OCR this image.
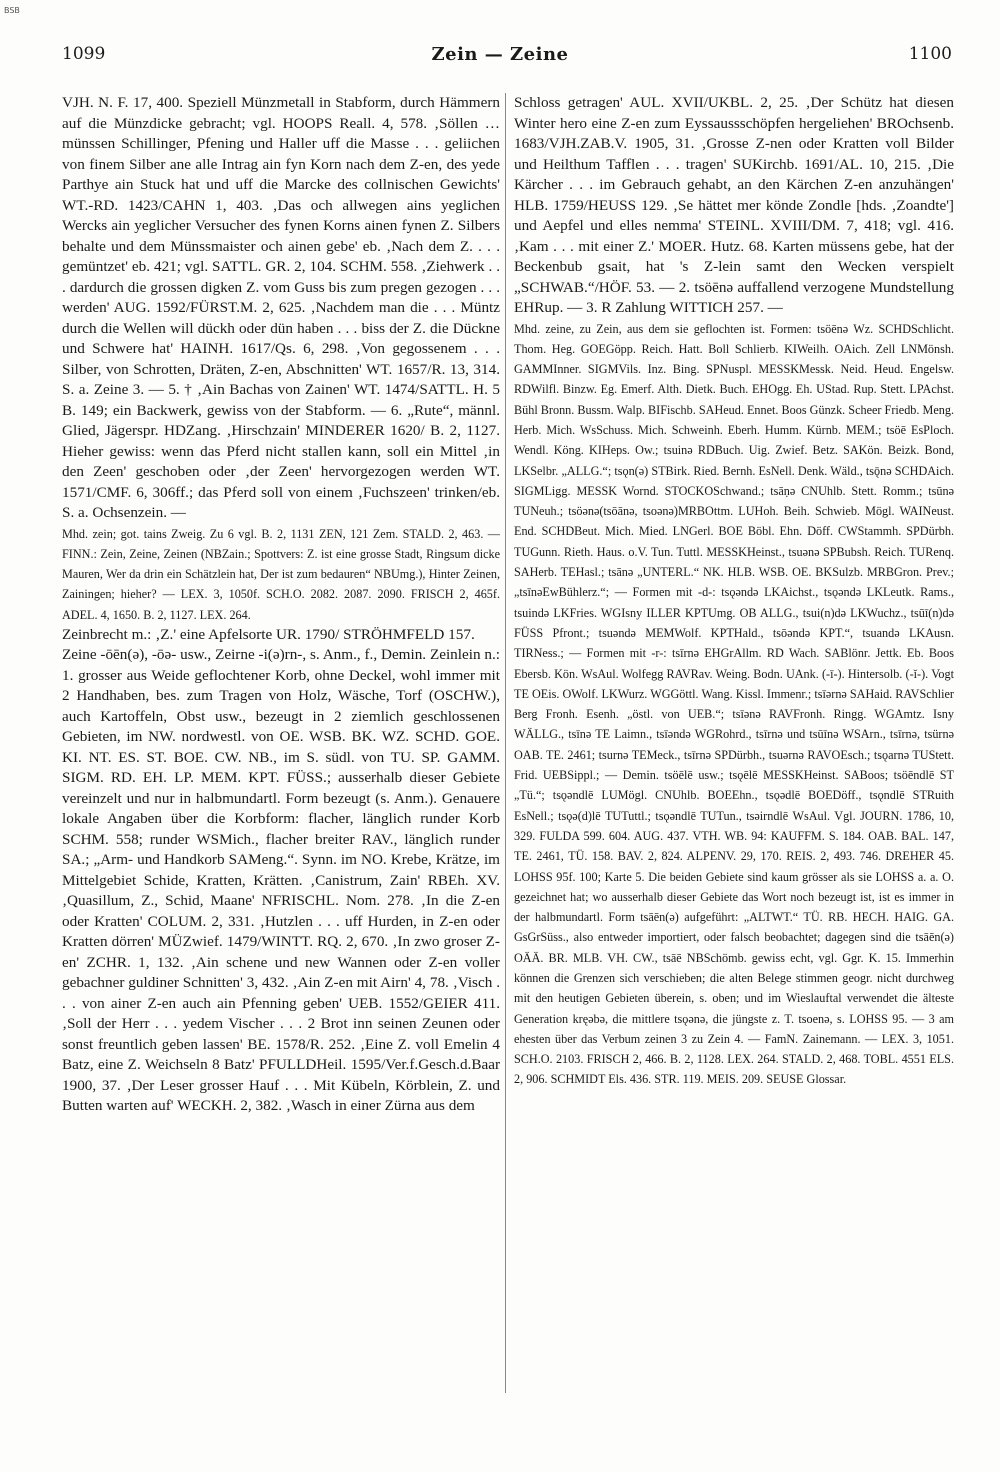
BSB
1099	Zein — Zeine	1100

VJH. N. F. 17, 400. Speziell Münzmetall in Stabform, durch Hämmern auf die Münzdicke gebracht; vgl. HOOPS Reall. 4, 578. ‚Söllen … münssen Schillinger, Pfening und Haller uff die Masse . . . geliichen von finem Silber ane alle Intrag ain fyn Korn nach dem Z-en, des yede Parthye ain Stuck hat und uff die Marcke des collnischen Gewichts' WT.-RD. 1423/CAHN 1, 403. ‚Das och allwegen ains yeglichen Wercks ain yeglicher Versucher des fynen Korns ainen fynen Z. Silbers behalte und dem Münssmaister och ainen gebe' eb. ‚Nach dem Z. . . . gemüntzet' eb. 421; vgl. SATTL. GR. 2, 104. SCHM. 558. ‚Ziehwerk . . . dardurch die grossen digken Z. vom Guss bis zum pregen gezogen . . . werden' AUG. 1592/FÜRST.M. 2, 625. ‚Nachdem man die . . . Müntz durch die Wellen will dückh oder dün haben . . . biss der Z. die Dückne und Schwere hat' HAINH. 1617/Qs. 6, 298. ‚Von gegossenem . . . Silber, von Schrotten, Dräten, Z-en, Abschnitten' WT. 1657/R. 13, 314. S. a. Zeine 3. — 5. † ‚Ain Bachas von Zainen' WT. 1474/SATTL. H. 5 B. 149; ein Backwerk, gewiss von der Stabform. — 6. „Rute“, männl. Glied, Jägerspr. HDZang. ‚Hirschzain' MINDERER 1620/ B. 2, 1127. Hieher gewiss: wenn das Pferd nicht stallen kann, soll ein Mittel ‚in den Zeen' geschoben oder ‚der Zeen' hervorgezogen werden WT. 1571/CMF. 6, 306ff.; das Pferd soll von einem ‚Fuchszeen' trinken/eb. S. a. Ochsenzein. —

Mhd. zein; got. tains Zweig. Zu 6 vgl. B. 2, 1131 ZEN, 121 Zem. STALD. 2, 463. — FINN.: Zein, Zeine, Zeinen (NBZain.; Spottvers: Z. ist eine grosse Stadt, Ringsum dicke Mauren, Wer da drin ein Schätzlein hat, Der ist zum bedauren“ NBUmg.), Hinter Zeinen, Zainingen; hieher? — LEX. 3, 1050f. SCH.O. 2082. 2087. 2090. FRISCH 2, 465f. ADEL. 4, 1650. B. 2, 1127. LEX. 264.

Zeinbrecht m.: ‚Z.' eine Apfelsorte UR. 1790/ STRÖHMFELD 157.

Zeine -ōēn(ə), -ōə- usw., Zeirne -i(ə)rn-, s. Anm., f., Demin. Zeinlein n.: 1. grosser aus Weide geflochtener Korb, ohne Deckel, wohl immer mit 2 Handhaben, bes. zum Tragen von Holz, Wäsche, Torf (OSCHW.), auch Kartoffeln, Obst usw., bezeugt in 2 ziemlich geschlossenen Gebieten, im NW. nordwestl. von OE. WSB. BK. WZ. SCHD. GOE. KI. NT. ES. ST. BOE. CW. NB., im S. südl. von TU. SP. GAMM. SIGM. RD. EH. LP. MEM. KPT. FÜSS.; ausserhalb dieser Gebiete vereinzelt und nur in halbmundartl. Form bezeugt (s. Anm.). Genauere lokale Angaben über die Korbform: flacher, länglich runder Korb SCHM. 558; runder WSMich., flacher breiter RAV., länglich runder SA.; „Arm- und Handkorb SAMeng.“. Synn. im NO. Krebe, Krätze, im Mittelgebiet Schide, Kratten, Krätten. ‚Canistrum, Zain' RBEh. XV. ‚Quasillum, Z., Schid, Maane' NFRISCHL. Nom. 278. ‚In die Z-en oder Kratten' COLUM. 2, 331. ‚Hutzlen . . . uff Hurden, in Z-en oder Kratten dörren' MÜZwief. 1479/WINTT. RQ. 2, 670. ‚In zwo groser Z-en' ZCHR. 1, 132. ‚Ain schene und new Wannen oder Z-en voller gebachner guldiner Schnitten' 3, 432. ‚Ain Z-en mit Airn' 4, 78. ‚Visch . . . von ainer Z-en auch ain Pfenning geben' UEB. 1552/GEIER 411. ‚Soll der Herr . . . yedem Vischer . . . 2 Brot inn seinen Zeunen oder sonst freuntlich geben lassen' BE. 1578/R. 252. ‚Eine Z. voll Emelin 4 Batz, eine Z. Weichseln 8 Batz' PFULLDHeil. 1595/Ver.f.Gesch.d.Baar 1900, 37. ‚Der Leser grosser Hauf . . . Mit Kübeln, Körblein, Z. und Butten warten auf' WECKH. 2, 382. ‚Wasch in einer Zürna aus dem

Schloss getragen' AUL. XVII/UKBL. 2, 25. ‚Der Schütz hat diesen Winter hero eine Z-en zum Eyssaussschöpfen hergeliehen' BROchsenb. 1683/VJH.ZAB.V. 1905, 31. ‚Grosse Z-nen oder Kratten voll Bilder und Heilthum Tafflen . . . tragen' SUKirchb. 1691/AL. 10, 215. ‚Die Kärcher . . . im Gebrauch gehabt, an den Kärchen Z-en anzuhängen' HLB. 1759/HEUSS 129. ‚Se hättet mer könde Zondle [hds. ‚Zoandte'] und Aepfel und elles nemma' STEINL. XVIII/DM. 7, 418; vgl. 416. ‚Kam . . . mit einer Z.' MOER. Hutz. 68. Karten müssens gebe, hat der Beckenbub gsait, hat 's Z-lein samt den Wecken verspielt „SCHWAB.“/HÖF. 53. — 2. tsöēnə auffallend verzogene Mundstellung EHRup. — 3. R Zahlung WITTICH 257. —

Mhd. zeine, zu Zein, aus dem sie geflochten ist. Formen: tsöēnə Wz. SCHDSchlicht. Thom. Heg. GOEGöpp. Reich. Hatt. Boll Schlierb. KIWeilh. OAich. Zell LNMönsh. GAMMInner. SIGMVils. Inz. Bing. SPNuspl. MESSKMessk. Neid. Heud. Engelsw. RDWilfl. Binzw. Eg. Emerf. Alth. Dietk. Buch. EHOgg. Eh. UStad. Rup. Stett. LPAchst. Bühl Bronn. Bussm. Walp. BIFischb. SAHeud. Ennet. Boos Günzk. Scheer Friedb. Meng. Herb. Mich. WsSchuss. Mich. Schweinh. Eberh. Humm. Kürnb. MEM.; tsöē EsPloch. Wendl. Köng. KIHeps. Ow.; tsuinə RDBuch. Uig. Zwief. Betz. SAKön. Beizk. Bond, LKSelbr. „ALLG.“; tsǫn(ə) STBirk. Ried. Bernh. EsNell. Denk. Wäld., tsǭnə SCHDAich. SIGMLigg. MESSK Wornd. STOCKOSchwand.; tsāṇə CNUhlb. Stett. Romm.; tsūnə TUNeuh.; tsöənə(tsōānə, tsoənə)MRBOttm. LUHoh. Beih. Schwieb. Mögl. WAINeust. End. SCHDBeut. Mich. Mied. LNGerl. BOE Böbl. Ehn. Döff. CWStammh. SPDürbh. TUGunn. Rieth. Haus. o.V. Tun. Tuttl. MESSKHeinst., tsuənə SPBubsh. Reich. TURenq. SAHerb. TEHasl.; tsānə „UNTERL.“ NK. HLB. WSB. OE. BKSulzb. MRBGron. Prev.; „tsīnəEwBühlerz.“; — Formen mit -d-: tsǫəndə LKAichst., tsǫəndə LKLeutk. Rams., tsuində LKFries. WGIsny ILLER KPTUmg. OB ALLG., tsui(n)də LKWuchz., tsūī(n)də FÜSS Pfront.; tsuəndə MEMWolf. KPTHald., tsōəndə KPT.“, tsuandə LKAusn. TIRNess.; — Formen mit -r-: tsīrnə EHGrAllm. RD Wach. SABlönr. Jettk. Eb. Boos Ebersb. Kön. WsAul. Wolfegg RAVRav. Weing. Bodn. UAnk. (-ī-). Hintersolb. (-ǐ-). Vogt TE OEis. OWolf. LKWurz. WGGöttl. Wang. Kissl. Immenr.; tsīərnə SAHaid. RAVSchlier Berg Fronh. Esenh. „östl. von UEB.“; tsīənə RAVFronh. Ringg. WGAmtz. Isny WÄLLG., tsīnə TE Laimn., tsīəndə WGRohrd., tsīrnə und tsūīnə WSArn., tsīrnə, tsürnə OAB. TE. 2461; tsurnə TEMeck., tsīrnə SPDürbh., tsuərnə RAVOEsch.; tsǫarnə TUStett. Frid. UEBSippl.; — Demin. tsöēlē usw.; tsǫēlē MESSKHeinst. SABoos; tsöēndlē ST „Tü.“; tsǫəndlē LUMögl. CNUhlb. BOEEhn., tsǫədlē BOEDöff., tsǫndlē STRuith EsNell.; tsǫə(d)lē TUTuttl.; tsǫəndlē TUTun., tsəirndlē WsAul. Vgl. JOURN. 1786, 10, 329. FULDA 599. 604. AUG. 437. VTH. WB. 94: KAUFFM. S. 184. OAB. BAL. 147, TE. 2461, TÜ. 158. BAV. 2, 824. ALPENV. 29, 170. REIS. 2, 493. 746. DREHER 45. LOHSS 95f. 100; Karte 5. Die beiden Gebiete sind kaum grösser als sie LOHSS a. a. O. gezeichnet hat; wo ausserhalb dieser Gebiete das Wort noch bezeugt ist, ist es immer in der halbmundartl. Form tsāēn(ə) aufgeführt: „ALTWT.“ TÜ. RB. HECH. HAIG. GA. GsGrSüss., also entweder importiert, oder falsch beobachtet; dagegen sind die tsāēn(ə) OÄÄ. BR. MLB. VH. CW., tsāē NBSchömb. gewiss echt, vgl. Ggr. K. 15. Immerhin können die Grenzen sich verschieben; die alten Belege stimmen geogr. nicht durchweg mit den heutigen Gebieten überein, s. oben; und im Wieslauftal verwendet die älteste Generation kręəbə, die mittlere tsǫənə, die jüngste z. T. tsoenə, s. LOHSS 95. — 3 am ehesten über das Verbum zeinen 3 zu Zein 4. — FamN. Zainemann. — LEX. 3, 1051. SCH.O. 2103. FRISCH 2, 466. B. 2, 1128. LEX. 264. STALD. 2, 468. TOBL. 4551 ELS. 2, 906. SCHMIDT Els. 436. STR. 119. MEIS. 209. SEUSE Glossar.
